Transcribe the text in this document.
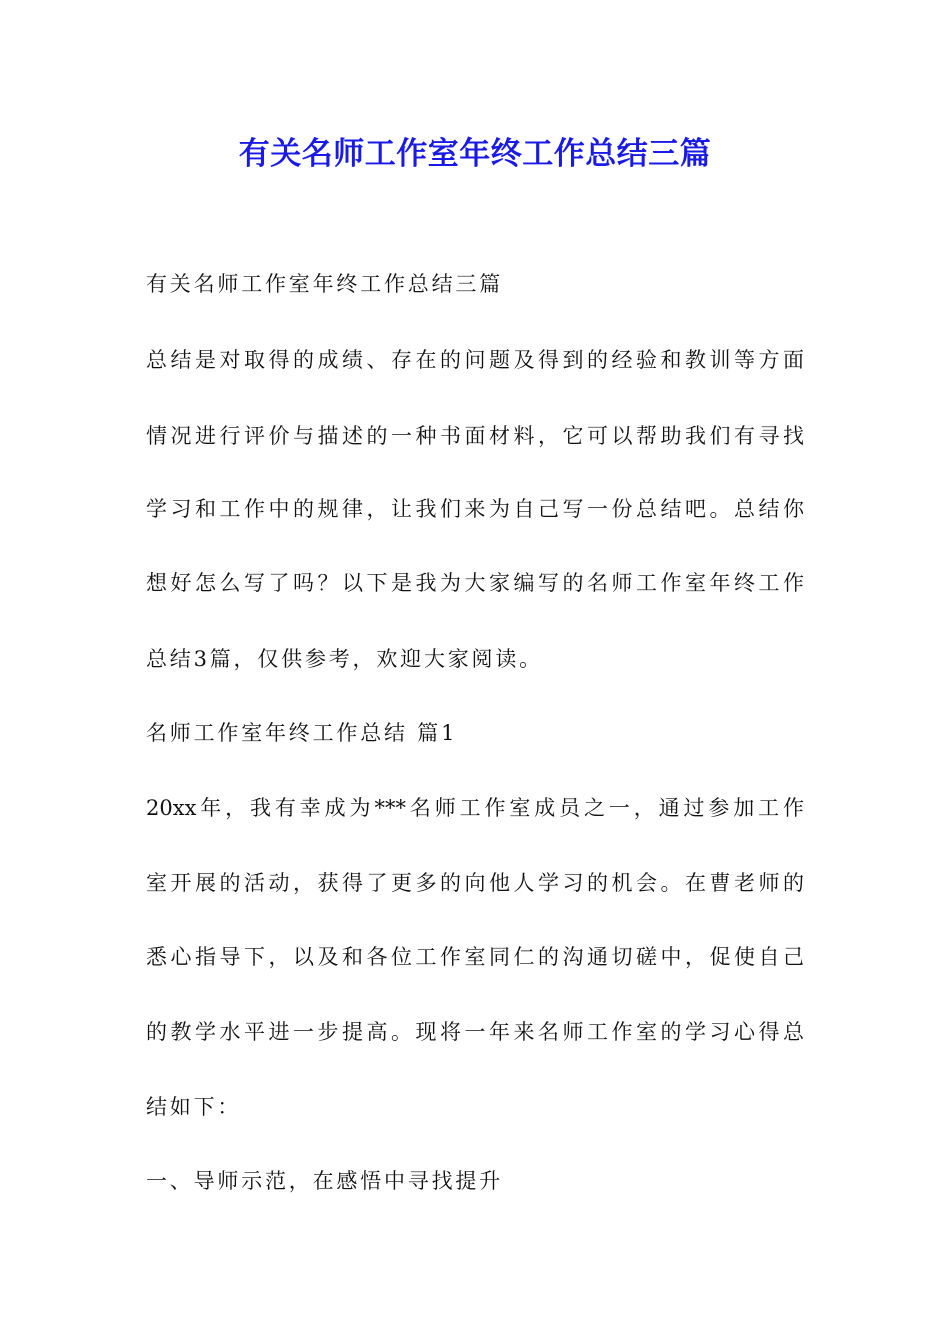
有关名师工作室年终工作总结三篇
有关名师工作室年终工作总结三篇
总结是对取得的成绩、存在的问题及得到的经验和教训等方面
情况进行评价与描述的一种书面材料，它可以帮助我们有寻找
学习和工作中的规律，让我们来为自己写一份总结吧。总结你
想好怎么写了吗？以下是我为大家编写的名师工作室年终工作
总结3篇，仅供参考，欢迎大家阅读。
名师工作室年终工作总结 篇1
20xx年，我有幸成为***名师工作室成员之一，通过参加工作
室开展的活动，获得了更多的向他人学习的机会。在曹老师的
悉心指导下，以及和各位工作室同仁的沟通切磋中，促使自己
的教学水平进一步提高。现将一年来名师工作室的学习心得总
结如下：
一、导师示范，在感悟中寻找提升
